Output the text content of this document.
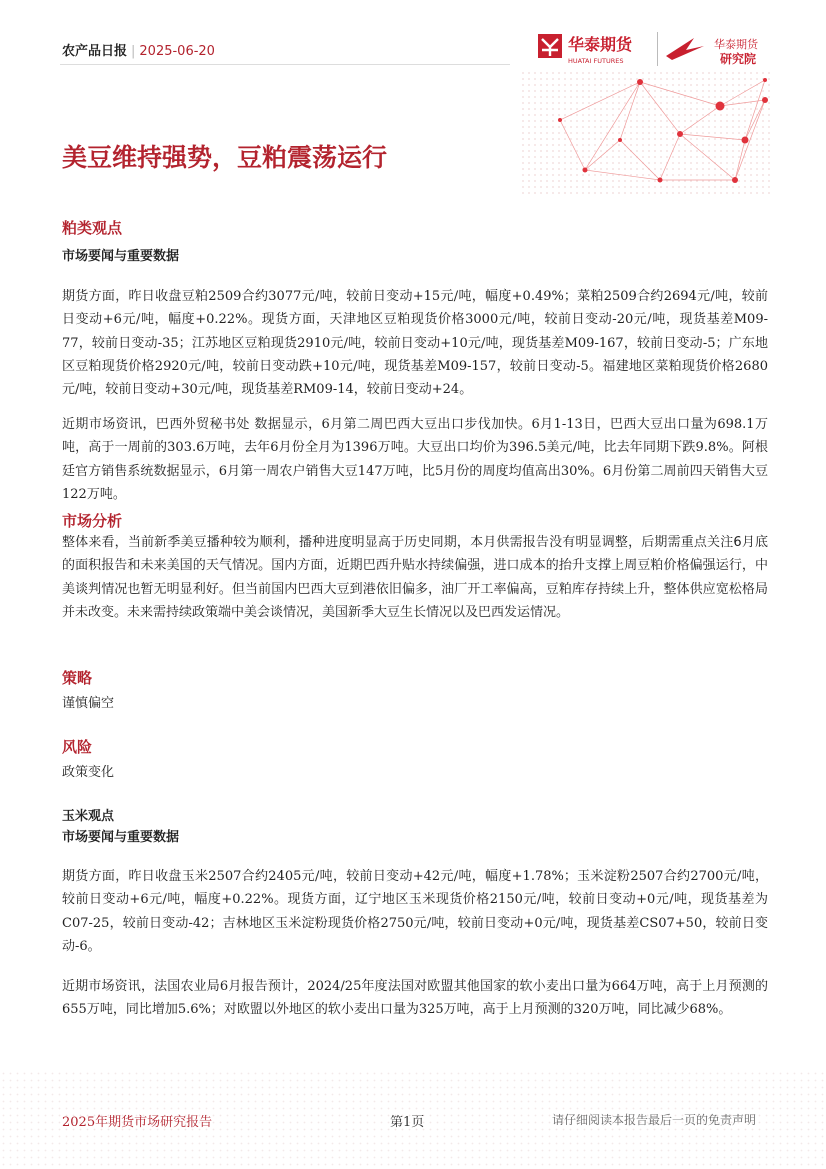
农产品日报 | 2025-06-20	华泰期货
HUATAI FUTURES
华泰期货
研究院
美豆维持强势，豆粕震荡运行
粕类观点
市场要闻与重要数据
期货方面，昨日收盘豆粕2509合约3077元/吨，较前日变动+15元/吨，幅度+0.49%；菜粕2509合约2694元/吨，较前日变动+6元/吨，幅度+0.22%。现货方面，天津地区豆粕现货价格3000元/吨，较前日变动-20元/吨，现货基差M09-77，较前日变动-35；江苏地区豆粕现货2910元/吨，较前日变动+10元/吨，现货基差M09-167，较前日变动-5；广东地区豆粕现货价格2920元/吨，较前日变动跌+10元/吨，现货基差M09-157，较前日变动-5。福建地区菜粕现货价格2680元/吨，较前日变动+30元/吨，现货基差RM09-14，较前日变动+24。
近期市场资讯，巴西外贸秘书处 数据显示，6月第二周巴西大豆出口步伐加快。6月1-13日，巴西大豆出口量为698.1万吨，高于一周前的303.6万吨，去年6月份全月为1396万吨。大豆出口均价为396.5美元/吨，比去年同期下跌9.8%。阿根廷官方销售系统数据显示，6月第一周农户销售大豆147万吨，比5月份的周度均值高出30%。6月份第二周前四天销售大豆122万吨。
市场分析
整体来看，当前新季美豆播种较为顺利，播种进度明显高于历史同期，本月供需报告没有明显调整，后期需重点关注6月底的面积报告和未来美国的天气情况。国内方面，近期巴西升贴水持续偏强，进口成本的抬升支撑上周豆粕价格偏强运行，中美谈判情况也暂无明显利好。但当前国内巴西大豆到港依旧偏多，油厂开工率偏高，豆粕库存持续上升，整体供应宽松格局并未改变。未来需持续政策端中美会谈情况，美国新季大豆生长情况以及巴西发运情况。
策略
谨慎偏空
风险
政策变化
玉米观点
市场要闻与重要数据
期货方面，昨日收盘玉米2507合约2405元/吨，较前日变动+42元/吨，幅度+1.78%；玉米淀粉2507合约2700元/吨，较前日变动+6元/吨，幅度+0.22%。现货方面，辽宁地区玉米现货价格2150元/吨，较前日变动+0元/吨，现货基差为C07-25，较前日变动-42；吉林地区玉米淀粉现货价格2750元/吨，较前日变动+0元/吨，现货基差CS07+50，较前日变动-6。
近期市场资讯，法国农业局6月报告预计，2024/25年度法国对欧盟其他国家的软小麦出口量为664万吨，高于上月预测的655万吨，同比增加5.6%；对欧盟以外地区的软小麦出口量为325万吨，高于上月预测的320万吨，同比减少68%。
2025年期货市场研究报告	第1页	请仔细阅读本报告最后一页的免责声明
